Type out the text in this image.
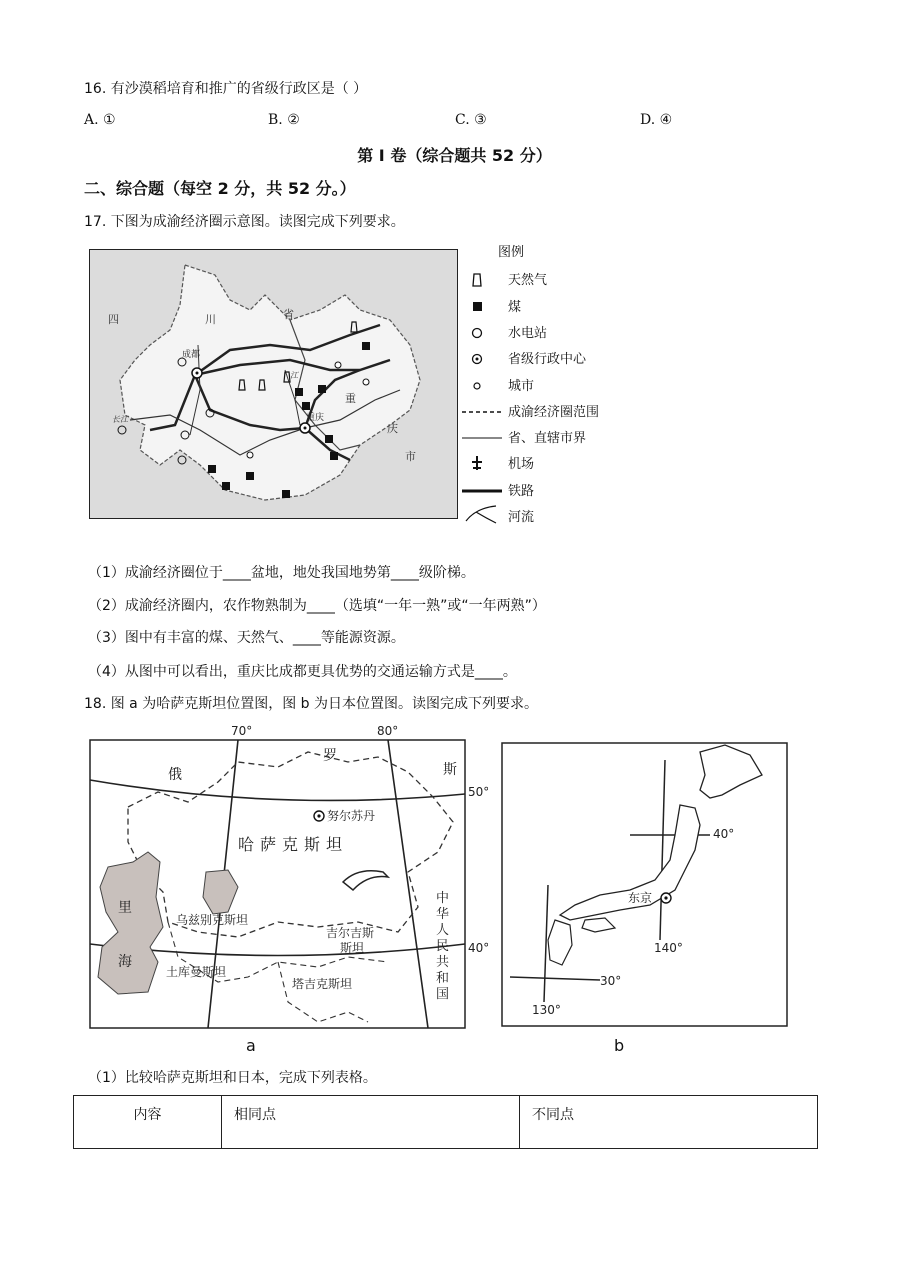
16. 有沙漠稻培育和推广的省级行政区是（ ）
A. ①	B. ②	C. ③	D. ④
第 I 卷（综合题共 52 分）
二、综合题（每空 2 分，共 52 分。）
17. 下图为成渝经济圈示意图。读图完成下列要求。
四	川	省
重
庆
市
成都
重庆
长江
江
图例
天然气
煤
水电站
省级行政中心
城市
成渝经济圈范围
省、直辖市界
机场
铁路
河流
（1）成渝经济圈位于____盆地，地处我国地势第____级阶梯。
（2）成渝经济圈内，农作物熟制为____（选填“一年一熟”或“一年两熟”）
（3）图中有丰富的煤、天然气、____等能源资源。
（4）从图中可以看出，重庆比成都更具优势的交通运输方式是____。
18. 图 a 为哈萨克斯坦位置图，图 b 为日本位置图。读图完成下列要求。
70°	80°
50°
40°
俄
罗
斯
努尔苏丹
哈萨克斯坦
里
海
乌兹别克斯坦
吉尔吉斯
斯坦
土库曼斯坦
塔吉克斯坦
中
华
人
民
共
和
国
a
40°
30°
140°
130°
东京
b
（1）比较哈萨克斯坦和日本，完成下列表格。
内容	相同点	不同点
